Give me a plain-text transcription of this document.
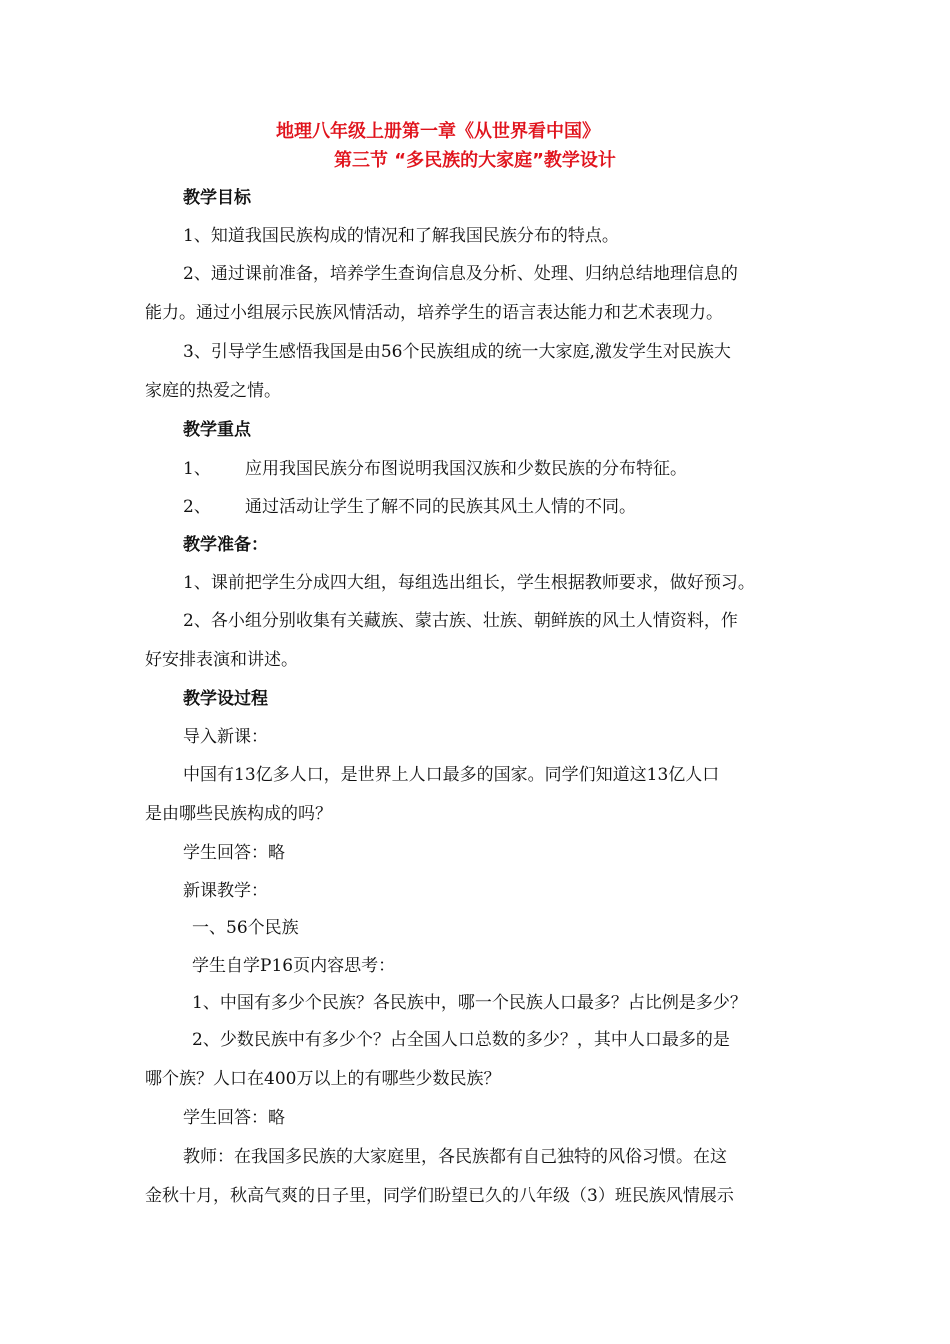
地理八年级上册第一章《从世界看中国》
第三节 “多民族的大家庭”教学设计
教学目标
1、知道我国民族构成的情况和了解我国民族分布的特点。
2、通过课前准备，培养学生查询信息及分析、处理、归纳总结地理信息的
能力。通过小组展示民族风情活动，培养学生的语言表达能力和艺术表现力。
3、引导学生感悟我国是由56个民族组成的统一大家庭,激发学生对民族大
家庭的热爱之情。
教学重点
1、 应用我国民族分布图说明我国汉族和少数民族的分布特征。
2、 通过活动让学生了解不同的民族其风土人情的不同。
教学准备：
1、课前把学生分成四大组，每组选出组长，学生根据教师要求，做好预习。
2、各小组分别收集有关藏族、蒙古族、壮族、朝鲜族的风土人情资料，作
好安排表演和讲述。
教学设过程
导入新课：
中国有13亿多人口，是世界上人口最多的国家。同学们知道这13亿人口
是由哪些民族构成的吗？
学生回答：略
新课教学：
一、56个民族
学生自学P16页内容思考：
1、中国有多少个民族？各民族中，哪一个民族人口最多？占比例是多少？
2、少数民族中有多少个？占全国人口总数的多少？，其中人口最多的是
哪个族？人口在400万以上的有哪些少数民族？
学生回答：略
教师：在我国多民族的大家庭里，各民族都有自己独特的风俗习惯。在这
金秋十月，秋高气爽的日子里，同学们盼望已久的八年级（3）班民族风情展示
